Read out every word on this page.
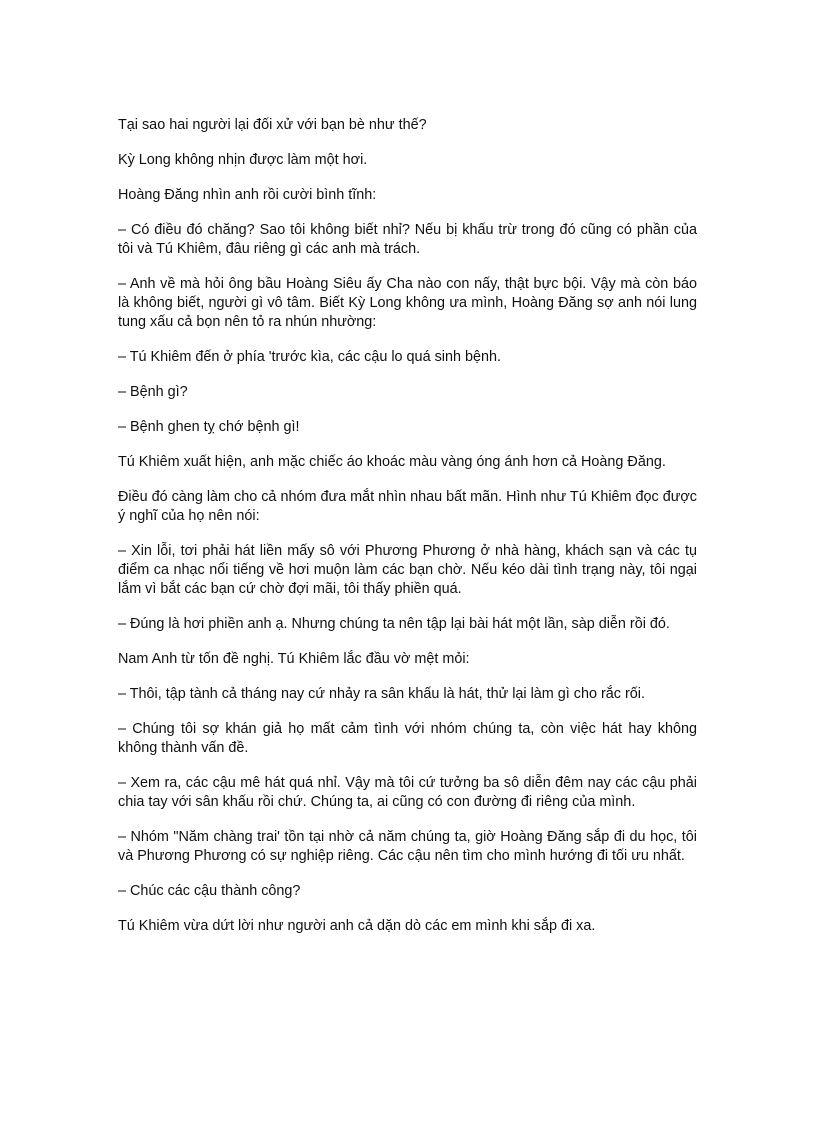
Tại sao hai người lại đối xử với bạn bè như thế?

Kỳ Long không nhịn được làm một hơi.

Hoàng Đăng nhìn anh rồi cười bình tĩnh:

– Có điều đó chăng? Sao tôi không biết nhỉ? Nếu bị khấu trừ trong đó cũng có phần của tôi và Tú Khiêm, đâu riêng gì các anh mà trách.

– Anh về mà hỏi ông bầu Hoàng Siêu ấy Cha nào con nấy, thật bực bội. Vậy mà còn báo là không biết, người gì vô tâm. Biết Kỳ Long không ưa mình, Hoàng Đăng sợ anh nói lung tung xấu cả bọn nên tỏ ra nhún nhường:

– Tú Khiêm đến ở phía 'trước kìa, các cậu lo quá sinh bệnh.

– Bệnh gì?

– Bệnh ghen tỵ chớ bệnh gì!

Tú Khiêm xuất hiện, anh mặc chiếc áo khoác màu vàng óng ánh hơn cả Hoàng Đăng.

Điều đó càng làm cho cả nhóm đưa mắt nhìn nhau bất mãn. Hình như Tú Khiêm đọc được ý nghĩ của họ nên nói:

– Xin lỗi, tơi phải hát liền mấy sô với Phương Phương ở nhà hàng, khách sạn và các tụ điểm ca nhạc nổi tiếng về hơi muộn làm các bạn chờ. Nếu kéo dài tình trạng này, tôi ngại lắm vì bắt các bạn cứ chờ đợi mãi, tôi thấy phiền quá.

– Đúng là hơi phiền anh ạ. Nhưng chúng ta nên tập lại bài hát một lần, sàp diễn rồi đó.

Nam Anh từ tốn đề nghị. Tú Khiêm lắc đầu vờ mệt mỏi:

– Thôi, tập tành cả tháng nay cứ nhảy ra sân khấu là hát, thử lại làm gì cho rắc rối.

– Chúng tôi sợ khán giả họ mất cảm tình với nhóm chúng ta, còn việc hát hay không không thành vấn đề.

– Xem ra, các cậu mê hát quá nhỉ. Vậy mà tôi cứ tưởng ba sô diễn đêm nay các cậu phải chia tay với sân khấu rồi chứ. Chúng ta, ai cũng có con đường đi riêng của mình.

– Nhóm "Năm chàng trai' tồn tại nhờ cả năm chúng ta, giờ Hoàng Đăng sắp đi du học, tôi và Phương Phương có sự nghiệp riêng. Các cậu nên tìm cho mình hướng đi tối ưu nhất.

– Chúc các cậu thành công?

Tú Khiêm vừa dứt lời như người anh cả dặn dò các em mình khi sắp đi xa.
